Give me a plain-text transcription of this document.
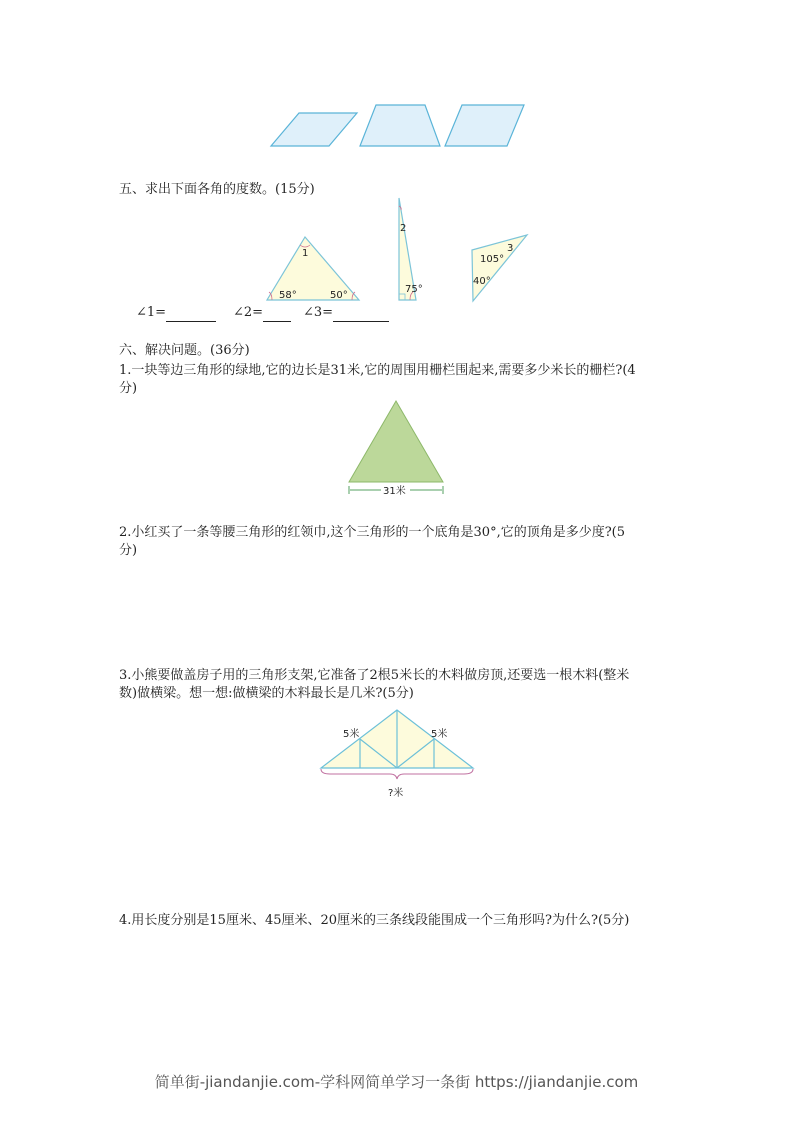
1
58°	50°
2
75°
3
105°
40°
31米
5米	5米
?米
五、求出下面各角的度数。(15分)
∠1=	∠2=	∠3=
六、解决问题。(36分)
1.一块等边三角形的绿地,它的边长是31米,它的周围用栅栏围起来,需要多少米长的栅栏?(4
分)
2.小红买了一条等腰三角形的红领巾,这个三角形的一个底角是30°,它的顶角是多少度?(5
分)
3.小熊要做盖房子用的三角形支架,它准备了2根5米长的木料做房顶,还要选一根木料(整米
数)做横梁。想一想:做横梁的木料最长是几米?(5分)
4.用长度分别是15厘米、45厘米、20厘米的三条线段能围成一个三角形吗?为什么?(5分)
简单街-jiandanjie.com-学科网简单学习一条街 https://jiandanjie.com
